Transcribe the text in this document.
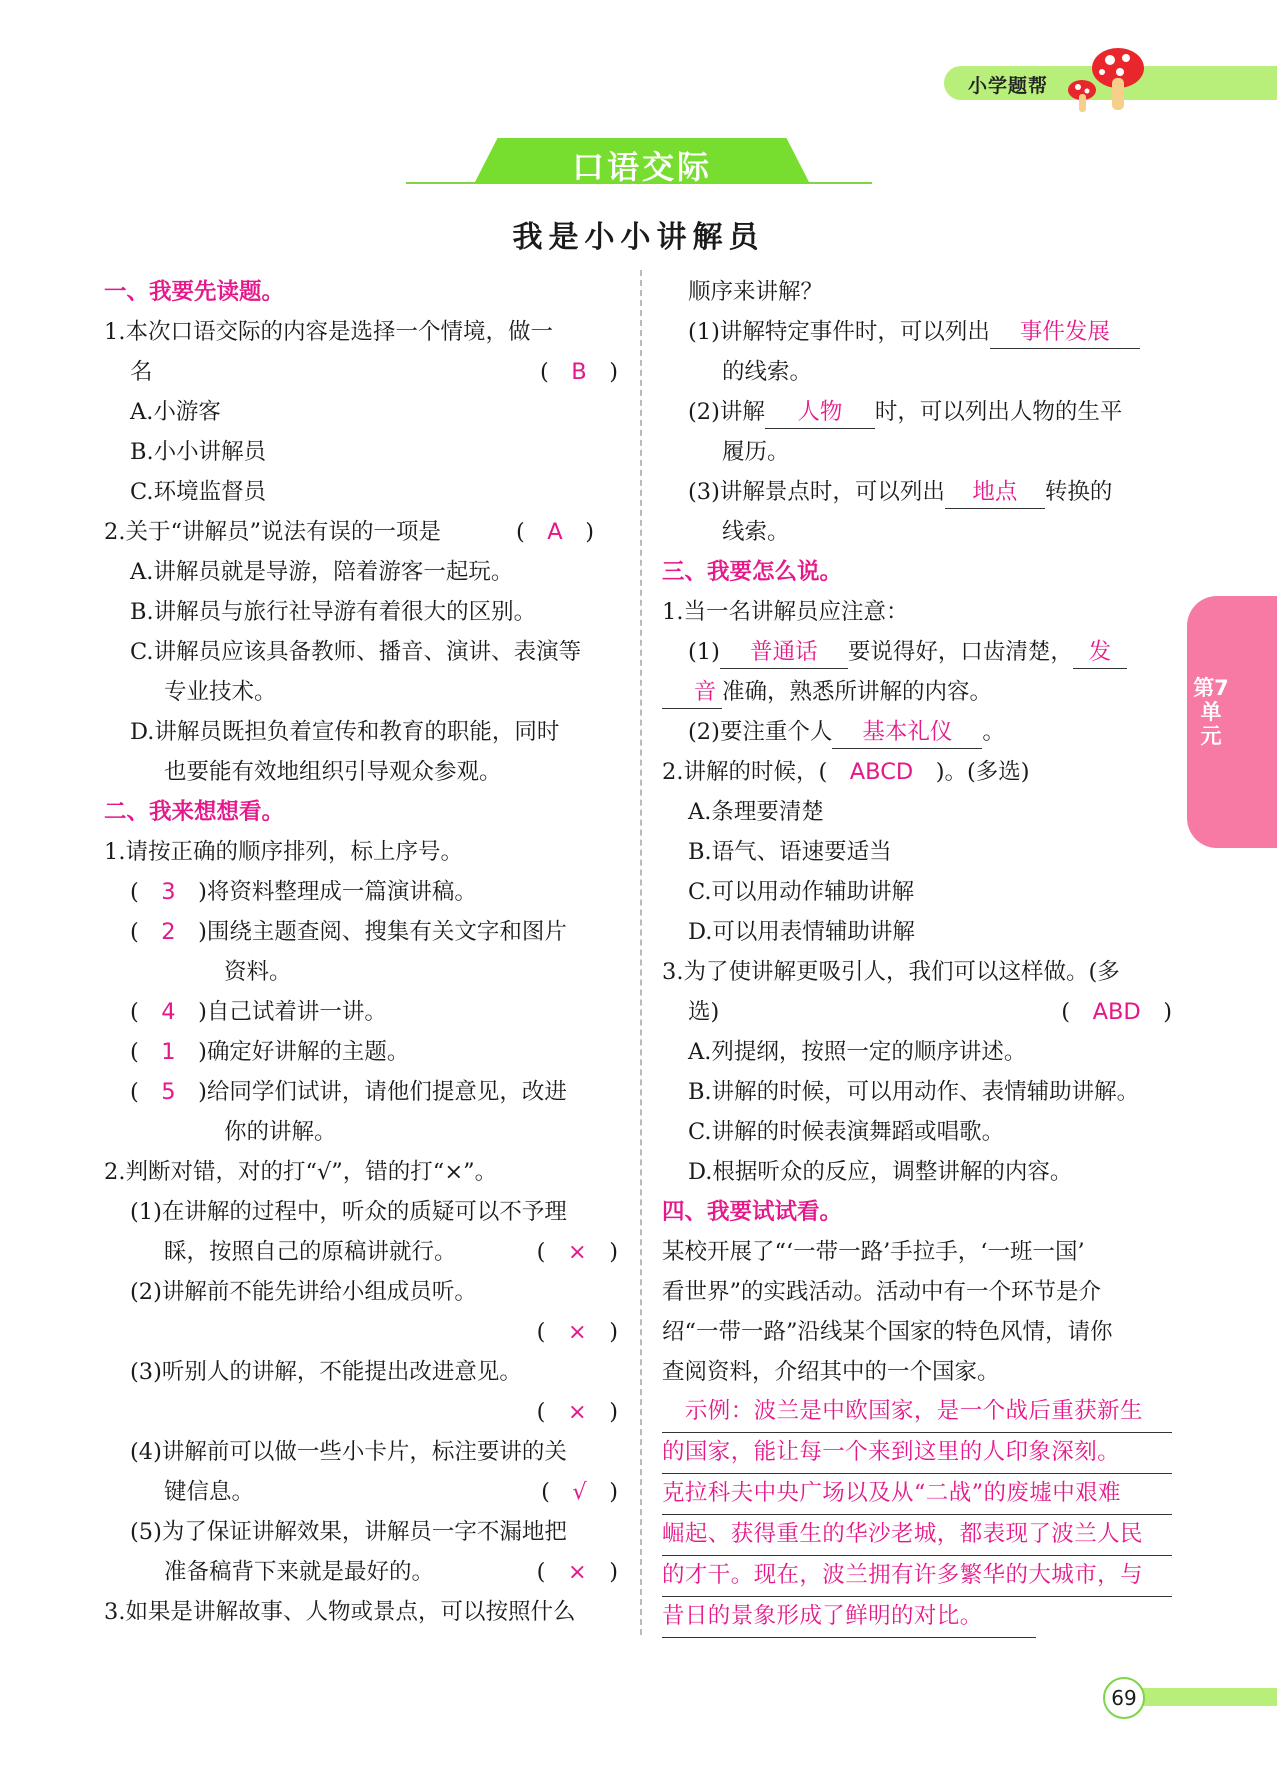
小学题帮
口语交际
我是小小讲解员
一、我要先读题。
1.本次口语交际的内容是选择一个情境，做一
名	(　B　)
A.小游客
B.小小讲解员
C.环境监督员
2.关于“讲解员”说法有误的一项是	(　A　)
A.讲解员就是导游，陪着游客一起玩。
B.讲解员与旅行社导游有着很大的区别。
C.讲解员应该具备教师、播音、演讲、表演等
专业技术。
D.讲解员既担负着宣传和教育的职能，同时
也要能有效地组织引导观众参观。
二、我来想想看。
1.请按正确的顺序排列，标上序号。
(　3　 )将资料整理成一篇演讲稿。
(　2　 )围绕主题查阅、搜集有关文字和图片
资料。
(　4　 )自己试着讲一讲。
(　1　 )确定好讲解的主题。
(　5　 )给同学们试讲，请他们提意见，改进
你的讲解。
2.判断对错，对的打“√”，错的打“×”。
(1)在讲解的过程中，听众的质疑可以不予理
睬，按照自己的原稿讲就行。	(　×　)
(2)讲解前不能先讲给小组成员听。
(　×　)
(3)听别人的讲解，不能提出改进意见。
(　×　)
(4)讲解前可以做一些小卡片，标注要讲的关
键信息。	(　√　)
(5)为了保证讲解效果，讲解员一字不漏地把
准备稿背下来就是最好的。	(　×　)
3.如果是讲解故事、人物或景点，可以按照什么
顺序来讲解？
(1)讲解特定事件时，可以列出 事件发展
的线索。
(2)讲解 人物 时，可以列出人物的生平
履历。
(3)讲解景点时，可以列出 地点 转换的
线索。
三、我要怎么说。
1.当一名讲解员应注意：
(1) 普通话 要说得好，口齿清楚， 发
音 准确，熟悉所讲解的内容。
(2)要注重个人 基本礼仪 。
2.讲解的时候，(　 ABCD　 )。(多选)
A.条理要清楚
B.语气、语速要适当
C.可以用动作辅助讲解
D.可以用表情辅助讲解
3.为了使讲解更吸引人，我们可以这样做。(多
选)	(　ABD　)
A.列提纲，按照一定的顺序讲述。
B.讲解的时候，可以用动作、表情辅助讲解。
C.讲解的时候表演舞蹈或唱歌。
D.根据听众的反应，调整讲解的内容。
四、我要试试看。
某校开展了“‘一带一路’手拉手，‘一班一国’
看世界”的实践活动。活动中有一个环节是介
绍“一带一路”沿线某个国家的特色风情，请你
查阅资料，介绍其中的一个国家。
　示例：波兰是中欧国家，是一个战后重获新生
的国家，能让每一个来到这里的人印象深刻。
克拉科夫中央广场以及从“二战”的废墟中艰难
崛起、获得重生的华沙老城，都表现了波兰人民
的才干。现在，波兰拥有许多繁华的大城市，与
昔日的景象形成了鲜明的对比。
第7单元
69
